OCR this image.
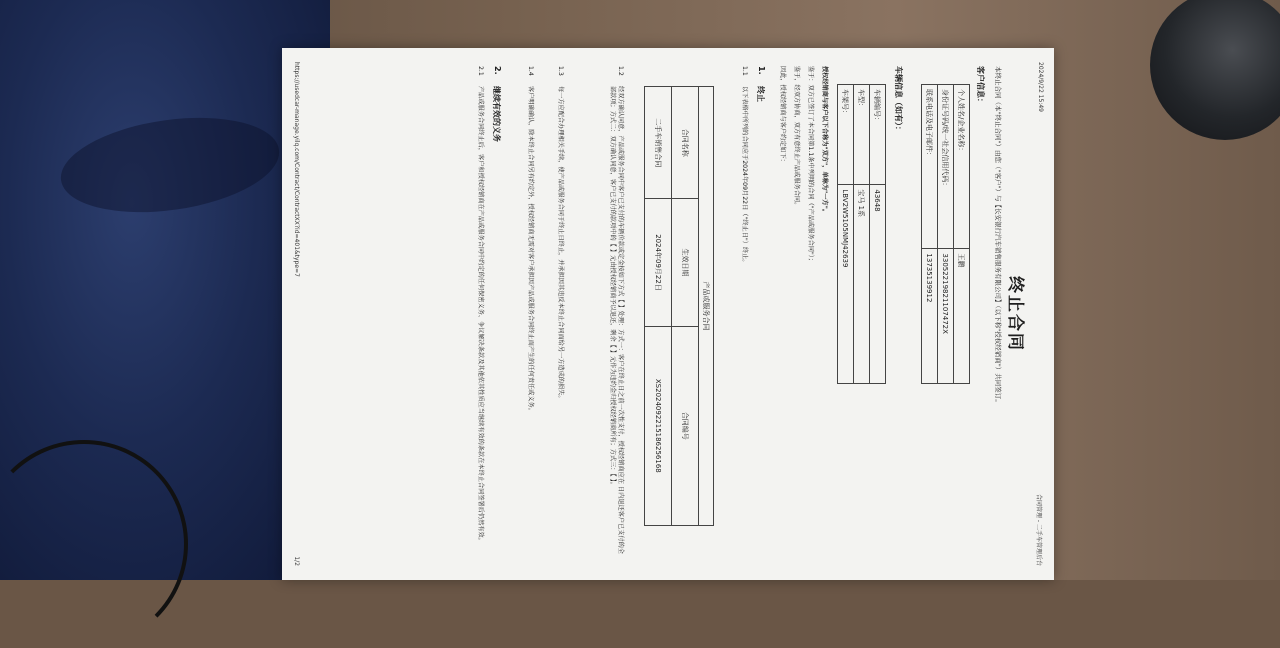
2024/9/22 15:49
合同管理 - 二手车管理后台
终止合同
本终止合同（本"终止合同"）由您（"客户"）与【长安银行汽车销售服务有限公司】（以下称"授权经销商"）共同签订。
客户信息：
个人姓名/企业名称：	王鹏
身份证号码/统一社会信用代码：	330522198211074​72X
联系电话及电子邮件：	13735139912
车辆信息（如有）：
车辆编号：	43648
车型：	宝马 1系
车架号：	LBV2W5105NMJ42639
授权经销商与客户以下合称为"双方"，单称为"一方"。
鉴于：双方已签订了本合同第1.1条中列明的合同（"产品或服务合同"）；
鉴于，经双方协商，双方有意终止产品或服务合同。
因此，授权经销商与客户约定如下：
1.
终止
1.1
以下表格中所列的合同应于2024年09月22日（"终止日"）终止。
产品或服务合同		
合同名称	生效日期	合同编号
二手车销售合同	2024年09月22日	XS202409221518625616​8
1.2
经双方确认同意，产品或服务合同中客户已支付的车辆价款或定金按如下方式【 】处理：方式一：客户在终止日之前一次性支付，授权经销商应在 日内退还客户已支付的全部款项；方式二：双方确认同意，客户已支付的款项中的【 】元由授权经销商予以退还，剩余【 】元作为违约金归授权经销商所有；方式三：【 】。
1.3
每一方应配合办理相关手续，使产品或服务合同于终止日终止，并承担因其违反本终止合同而给另一方造成的损失。
1.4
客户明确确认，除本终止合同另有约定外，授权经销商无需对客户承担因产品或服务合同终止而产生的任何责任或义务。
2.
继续有效的义务
2.1
产品或服务合同终止后，客户和授权经销商在产品或服务合同中约定的任何保密义务、争议解决条款及其他依其性质应当继续有效的条款在本终止合同签署后仍然有效。
https://usedcar-manage.yilq.com/Contract/ContractXX?id=401&type=7
1/2
